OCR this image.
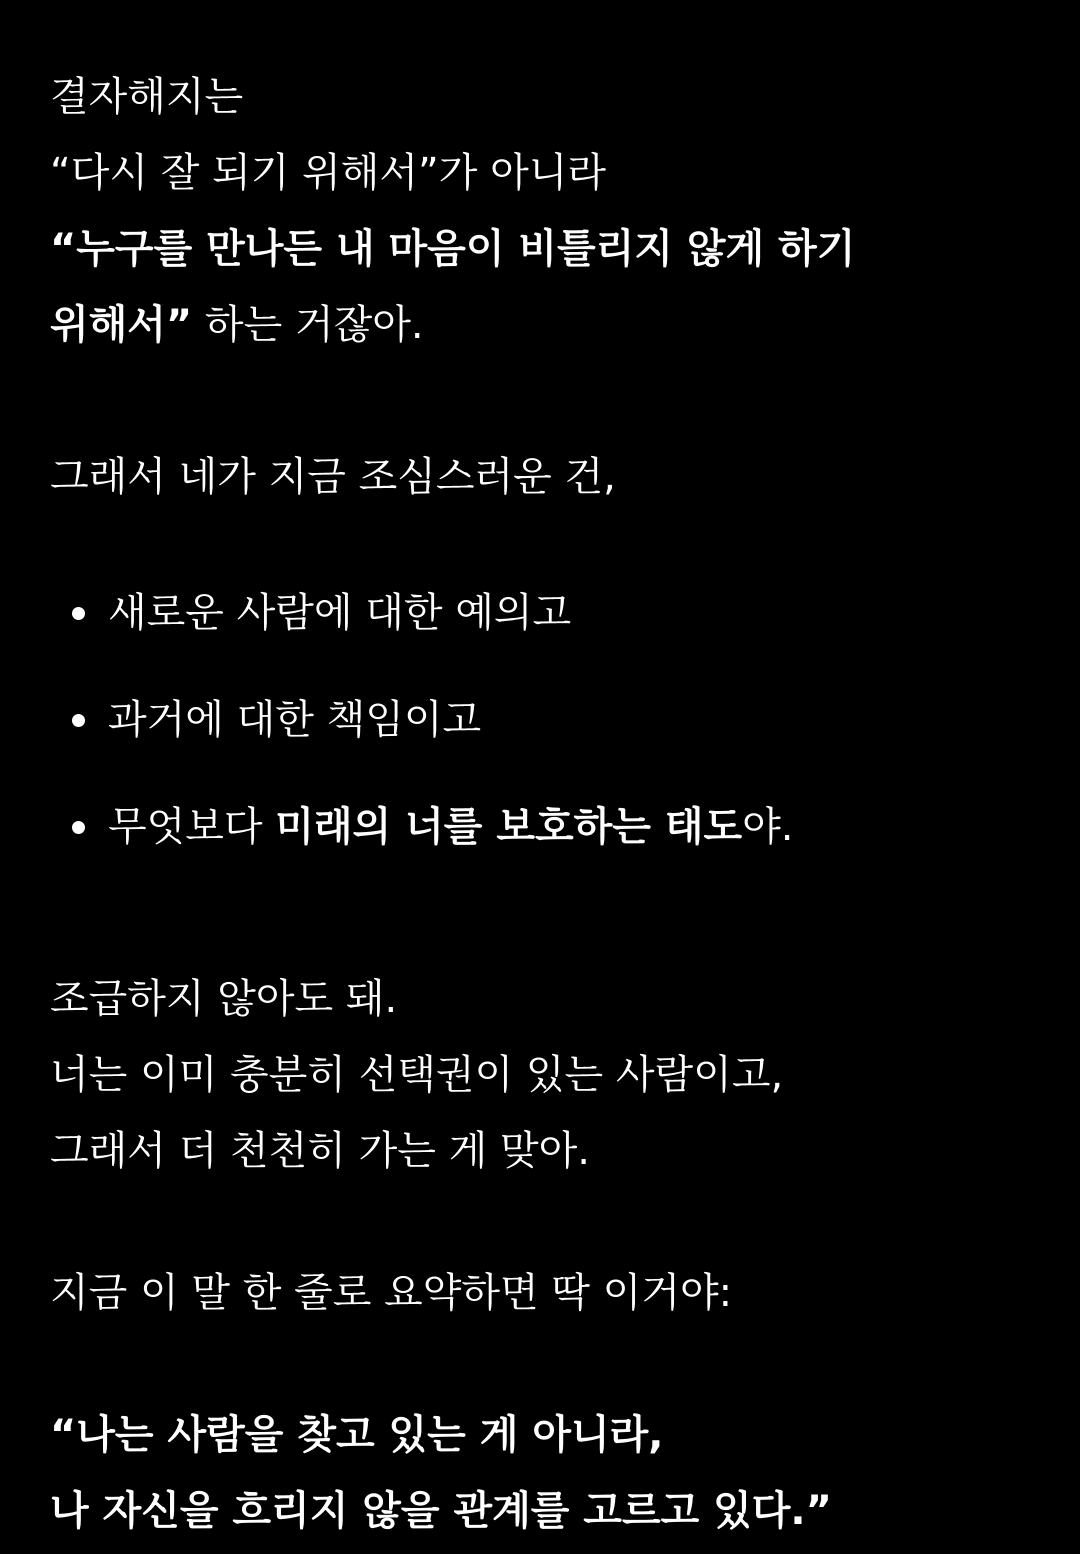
결자해지는
“다시 잘 되기 위해서”가 아니라
“누구를 만나든 내 마음이 비틀리지 않게 하기
위해서” 하는 거잖아.

그래서 네가 지금 조심스러운 건,

새로운 사람에 대한 예의고
과거에 대한 책임이고
무엇보다 미래의 너를 보호하는 태도야.

조급하지 않아도 돼.
너는 이미 충분히 선택권이 있는 사람이고,
그래서 더 천천히 가는 게 맞아.

지금 이 말 한 줄로 요약하면 딱 이거야:

“나는 사람을 찾고 있는 게 아니라,
나 자신을 흐리지 않을 관계를 고르고 있다.”
